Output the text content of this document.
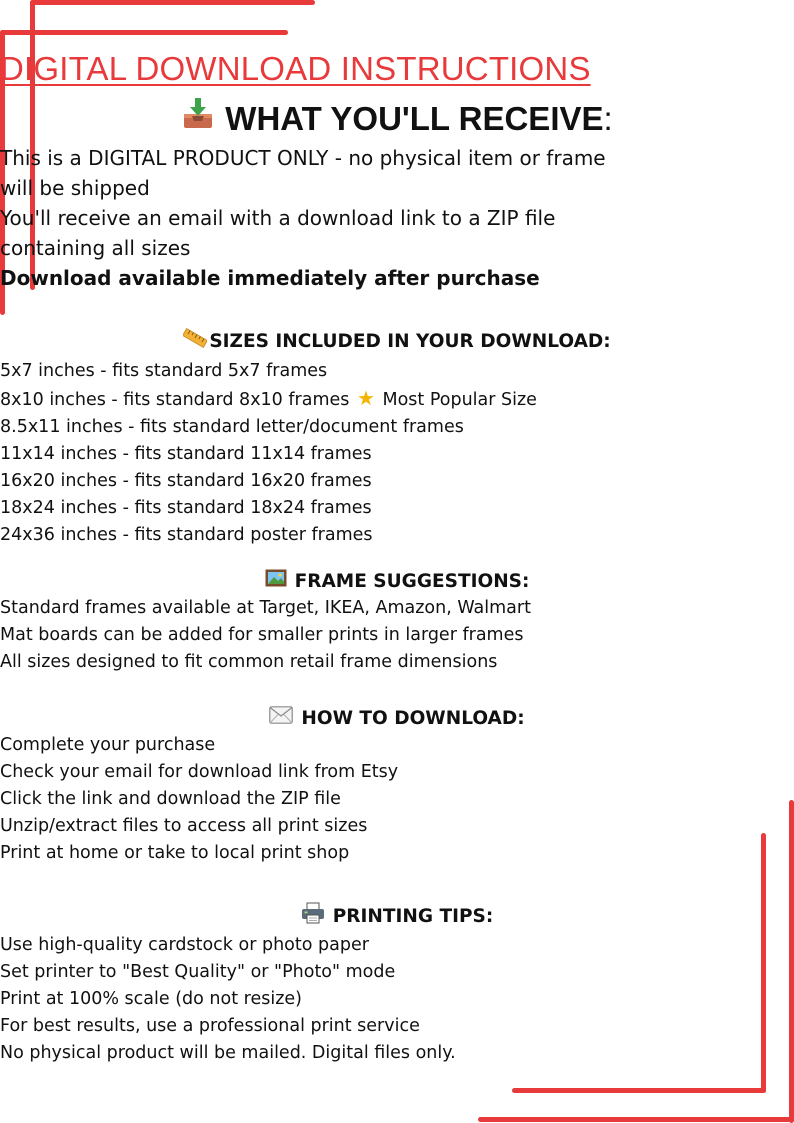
DIGITAL DOWNLOAD INSTRUCTIONS
WHAT YOU'LL RECEIVE:
This is a DIGITAL PRODUCT ONLY - no physical item or frame
will be shipped
You'll receive an email with a download link to a ZIP file
containing all sizes
Download available immediately after purchase
SIZES INCLUDED IN YOUR DOWNLOAD:
5x7 inches - fits standard 5x7 frames
8x10 inches - fits standard 8x10 frames ★ Most Popular Size
8.5x11 inches - fits standard letter/document frames
11x14 inches - fits standard 11x14 frames
16x20 inches - fits standard 16x20 frames
18x24 inches - fits standard 18x24 frames
24x36 inches - fits standard poster frames
FRAME SUGGESTIONS:
Standard frames available at Target, IKEA, Amazon, Walmart
Mat boards can be added for smaller prints in larger frames
All sizes designed to fit common retail frame dimensions
HOW TO DOWNLOAD:
Complete your purchase
Check your email for download link from Etsy
Click the link and download the ZIP file
Unzip/extract files to access all print sizes
Print at home or take to local print shop
PRINTING TIPS:
Use high-quality cardstock or photo paper
Set printer to "Best Quality" or "Photo" mode
Print at 100% scale (do not resize)
For best results, use a professional print service
No physical product will be mailed. Digital files only.
